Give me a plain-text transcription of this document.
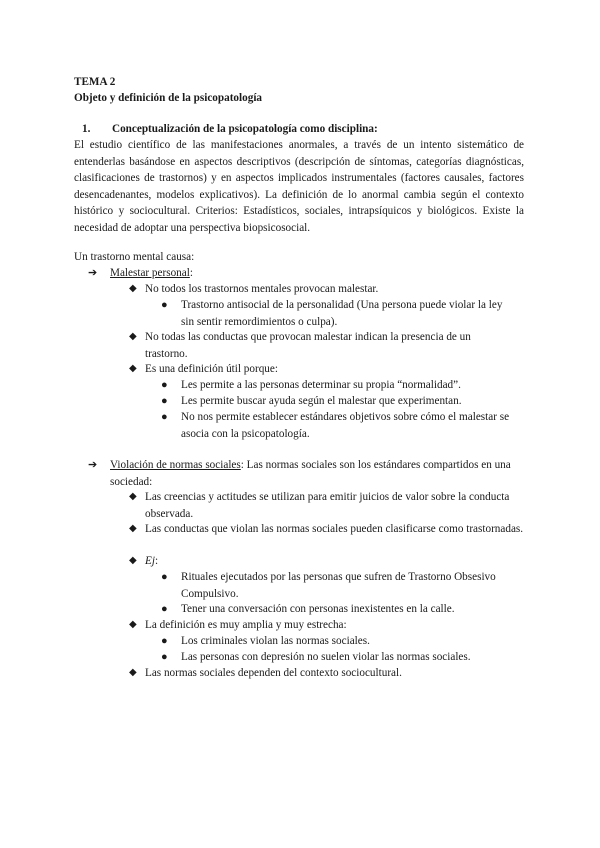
TEMA 2
Objeto y definición de la psicopatología
1.	Conceptualización de la psicopatología como disciplina:
El estudio científico de las manifestaciones anormales, a través de un intento sistemático de entenderlas basándose en aspectos descriptivos (descripción de síntomas, categorías diagnósticas, clasificaciones de trastornos) y en aspectos implicados instrumentales (factores causales, factores desencadenantes, modelos explicativos). La definición de lo anormal cambia según el contexto histórico y sociocultural. Criterios: Estadísticos, sociales, intrapsíquicos y biológicos. Existe la necesidad de adoptar una perspectiva biopsicosocial.
Un trastorno mental causa:
➔	Malestar personal:
◆ No todos los trastornos mentales provocan malestar.
●	Trastorno antisocial de la personalidad (Una persona puede violar la ley sin sentir remordimientos o culpa).
◆ No todas las conductas que provocan malestar indican la presencia de un trastorno.
◆ Es una definición útil porque:
●	Les permite a las personas determinar su propia “normalidad”.
●	Les permite buscar ayuda según el malestar que experimentan.
●	No nos permite establecer estándares objetivos sobre cómo el malestar se asocia con la psicopatología.
➔	Violación de normas sociales: Las normas sociales son los estándares compartidos en una sociedad:
◆ Las creencias y actitudes se utilizan para emitir juicios de valor sobre la conducta observada.
◆ Las conductas que violan las normas sociales pueden clasificarse como trastornadas.
◆ Ej:
●	Rituales ejecutados por las personas que sufren de Trastorno Obsesivo Compulsivo.
●	Tener una conversación con personas inexistentes en la calle.
◆ La definición es muy amplia y muy estrecha:
●	Los criminales violan las normas sociales.
●	Las personas con depresión no suelen violar las normas sociales.
◆ Las normas sociales dependen del contexto sociocultural.
